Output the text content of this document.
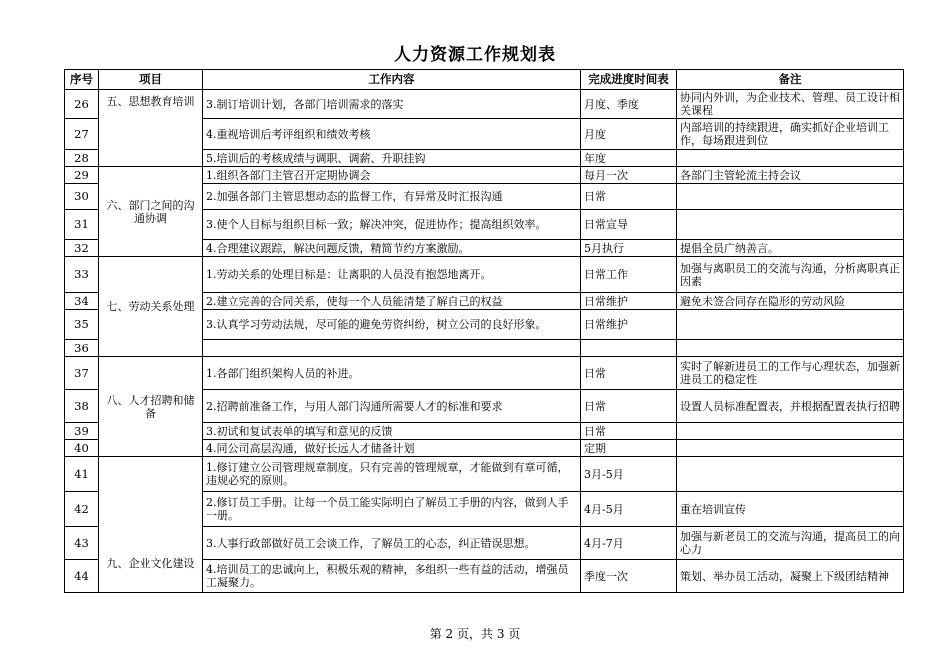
人力资源工作规划表
序号	项目	工作内容	完成进度时间表	备注
26	五、思想教育培训	3.制订培训计划，各部门培训需求的落实	月度、季度	协同内外训，为企业技术、管理、员工设计相关课程
27		4.重视培训后考评组织和绩效考核	月度	内部培训的持续跟进，确实抓好企业培训工作，每场跟进到位
28		5.培训后的考核成绩与调职、调薪、升职挂钩	年度	
29	六、部门之间的沟通协调	1.组织各部门主管召开定期协调会	每月一次	各部门主管轮流主持会议
30		2.加强各部门主管思想动态的监督工作，有异常及时汇报沟通	日常	
31		3.使个人目标与组织目标一致；解决冲突，促进协作；提高组织效率。	日常宣导	
32		4.合理建议跟踪，解决问题反馈，精简节约方案激励。	5月执行	提倡全员广纳善言。
33	七、劳动关系处理	1.劳动关系的处理目标是：让离职的人员没有抱怨地离开。	日常工作	加强与离职员工的交流与沟通，分析离职真正因素
34		2.建立完善的合同关系，使每一个人员能清楚了解自己的权益	日常维护	避免未签合同存在隐形的劳动风险
35		3.认真学习劳动法规，尽可能的避免劳资纠纷，树立公司的良好形象。	日常维护	
36				
37	八、人才招聘和储备	1.各部门组织架构人员的补进。	日常	实时了解新进员工的工作与心理状态，加强新进员工的稳定性
38		2.招聘前准备工作，与用人部门沟通所需要人才的标准和要求	日常	设置人员标准配置表，并根据配置表执行招聘
39		3.初试和复试表单的填写和意见的反馈	日常	
40		4.同公司高层沟通，做好长远人才储备计划	定期	
41	九、企业文化建设	1.修订建立公司管理规章制度。只有完善的管理规章，才能做到有章可循，违规必究的原则。	3月-5月	
42		2.修订员工手册。让每一个员工能实际明白了解员工手册的内容，做到人手一册。	4月-5月	重在培训宣传
43		3.人事行政部做好员工会谈工作，了解员工的心态，纠正错误思想。	4月-7月	加强与新老员工的交流与沟通，提高员工的向心力
44		4.培训员工的忠诚向上，积极乐观的精神，多组织一些有益的活动，增强员工凝聚力。	季度一次	策划、举办员工活动，凝聚上下级团结精神
第 2 页，共 3 页
